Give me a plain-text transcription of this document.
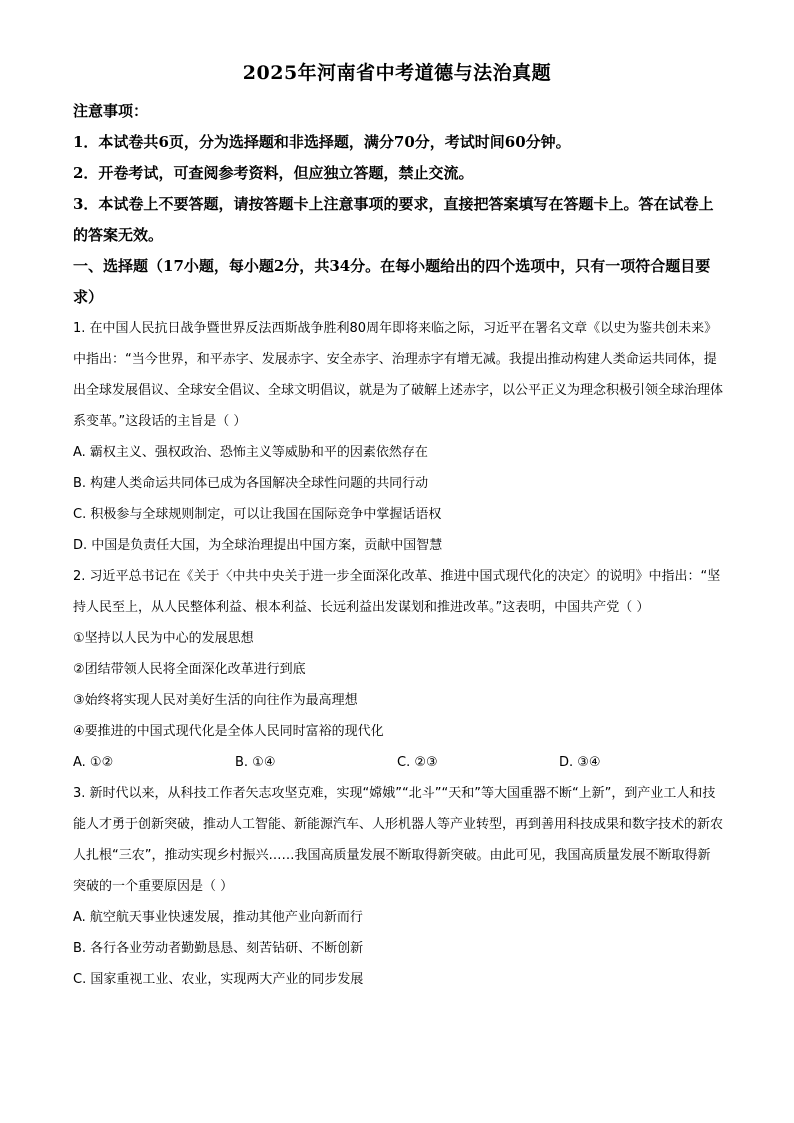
2025年河南省中考道德与法治真题

注意事项：

1．本试卷共6页，分为选择题和非选择题，满分70分，考试时间60分钟。

2．开卷考试，可查阅参考资料，但应独立答题，禁止交流。

3．本试卷上不要答题，请按答题卡上注意事项的要求，直接把答案填写在答题卡上。答在试卷上的答案无效。

一、选择题（17小题，每小题2分，共34分。在每小题给出的四个选项中，只有一项符合题目要求）

1. 在中国人民抗日战争暨世界反法西斯战争胜利80周年即将来临之际，习近平在署名文章《以史为鉴共创未来》中指出：“当今世界，和平赤字、发展赤字、安全赤字、治理赤字有增无减。我提出推动构建人类命运共同体，提出全球发展倡议、全球安全倡议、全球文明倡议，就是为了破解上述赤字，以公平正义为理念积极引领全球治理体系变革。”这段话的主旨是（ ）

A. 霸权主义、强权政治、恐怖主义等威胁和平的因素依然存在

B. 构建人类命运共同体已成为各国解决全球性问题的共同行动

C. 积极参与全球规则制定，可以让我国在国际竞争中掌握话语权

D. 中国是负责任大国，为全球治理提出中国方案，贡献中国智慧

2. 习近平总书记在《关于〈中共中央关于进一步全面深化改革、推进中国式现代化的决定〉的说明》中指出：“坚持人民至上，从人民整体利益、根本利益、长远利益出发谋划和推进改革。”这表明，中国共产党（ ）

①坚持以人民为中心的发展思想

②团结带领人民将全面深化改革进行到底

③始终将实现人民对美好生活的向往作为最高理想

④要推进的中国式现代化是全体人民同时富裕的现代化

A. ①②	B. ①④	C. ②③	D. ③④

3. 新时代以来，从科技工作者矢志攻坚克难，实现“嫦娥”“北斗”“天和”等大国重器不断“上新”，到产业工人和技能人才勇于创新突破，推动人工智能、新能源汽车、人形机器人等产业转型，再到善用科技成果和数字技术的新农人扎根“三农”，推动实现乡村振兴……我国高质量发展不断取得新突破。由此可见，我国高质量发展不断取得新突破的一个重要原因是（ ）

A. 航空航天事业快速发展，推动其他产业向新而行

B. 各行各业劳动者勤勤恳恳、刻苦钻研、不断创新

C. 国家重视工业、农业，实现两大产业的同步发展
